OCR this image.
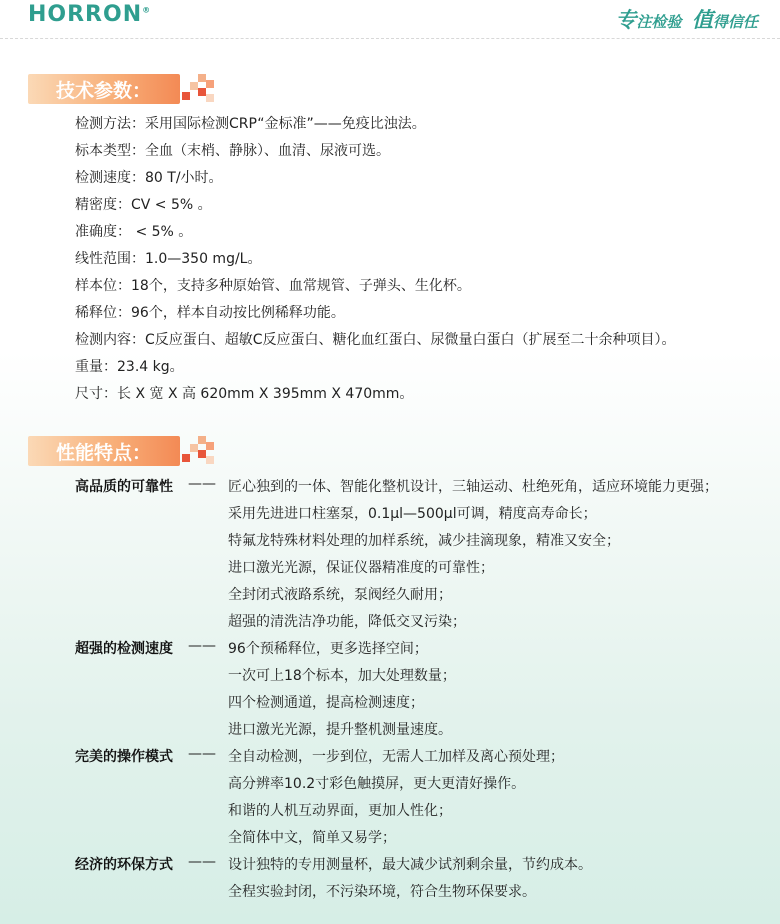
HORRON®	专注检验 值得信任
技术参数：
检测方法：采用国际检测CRP“金标准”——免疫比浊法。
标本类型：全血（末梢、静脉）、血清、尿液可选。
检测速度：80 T/小时。
精密度：CV < 5% 。
准确度： < 5% 。
线性范围：1.0—350 mg/L。
样本位：18个，支持多种原始管、血常规管、子弹头、生化杯。
稀释位：96个，样本自动按比例稀释功能。
检测内容：C反应蛋白、超敏C反应蛋白、糖化血红蛋白、尿微量白蛋白（扩展至二十余种项目）。
重量：23.4 kg。
尺寸：长 X 宽 X 高 620mm X 395mm X 470mm。
性能特点：
高品质的可靠性 —— 匠心独到的一体、智能化整机设计，三轴运动、杜绝死角，适应环境能力更强；
采用先进进口柱塞泵，0.1μl—500μl可调，精度高寿命长；
特氟龙特殊材料处理的加样系统，减少挂滴现象，精准又安全；
进口激光光源，保证仪器精准度的可靠性；
全封闭式液路系统，泵阀经久耐用；
超强的清洗洁净功能，降低交叉污染；
超强的检测速度 —— 96个预稀释位，更多选择空间；
一次可上18个标本，加大处理数量；
四个检测通道，提高检测速度；
进口激光光源，提升整机测量速度。
完美的操作模式 —— 全自动检测，一步到位，无需人工加样及离心预处理；
高分辨率10.2寸彩色触摸屏，更大更清好操作。
和谐的人机互动界面，更加人性化；
全简体中文，简单又易学；
经济的环保方式 —— 设计独特的专用测量杯，最大减少试剂剩余量，节约成本。
全程实验封闭，不污染环境，符合生物环保要求。
